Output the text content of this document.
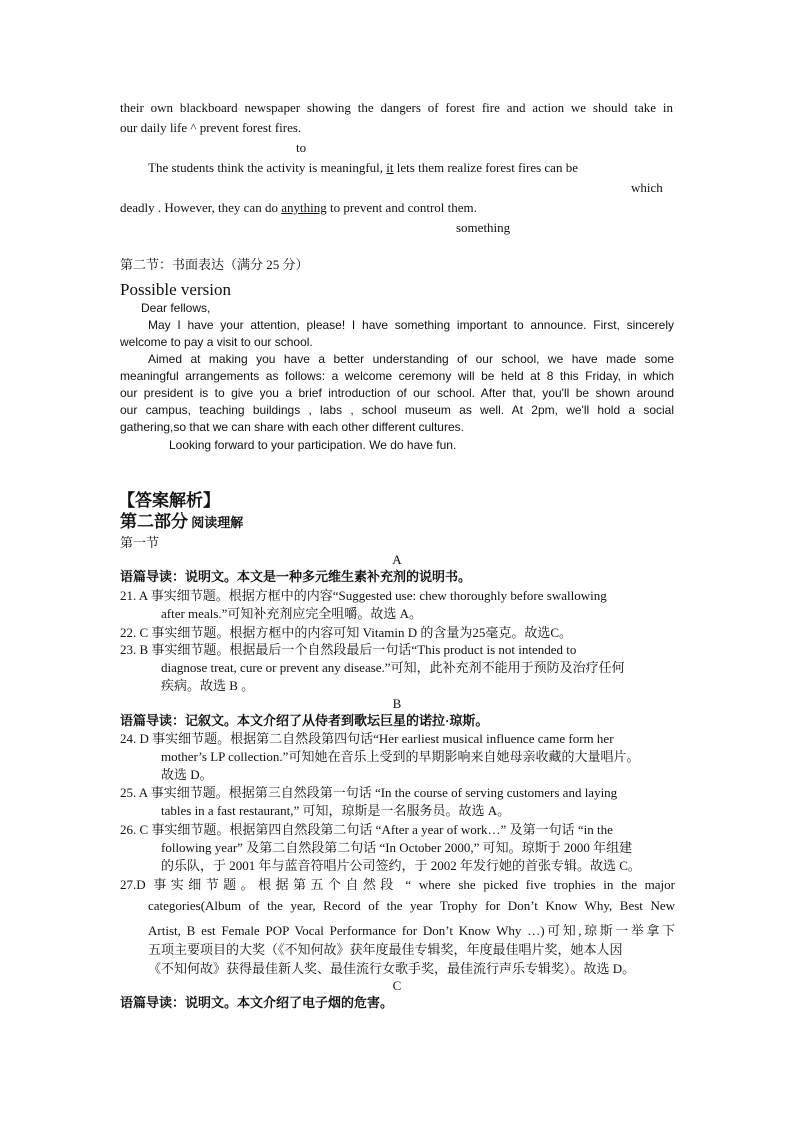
their own blackboard newspaper showing the dangers of forest fire and action we should take in
our daily life ^ prevent forest fires.
to
The students think the activity is meaningful, it lets them realize forest fires can be
which
deadly . However, they can do anything to prevent and control them.
something
第二节：书面表达（满分 25 分）
Possible version
Dear fellows,
May I have your attention, please! I have something important to announce. First, sincerely
welcome to pay a visit to our school.
Aimed at making you have a better understanding of our school, we have made some
meaningful arrangements as follows: a welcome ceremony will be held at 8 this Friday, in which
our president is to give you a brief introduction of our school. After that, you'll be shown around
our campus, teaching buildings , labs , school museum as well. At 2pm, we'll hold a social
gathering,so that we can share with each other different cultures.
Looking forward to your participation. We do have fun.
【答案解析】
第二部分 阅读理解
第一节
A
语篇导读：说明文。本文是一种多元维生素补充剂的说明书。
21. A 事实细节题。根据方框中的内容“Suggested use: chew thoroughly before swallowing
after meals.”可知补充剂应完全咀嚼。故选 A。
22. C 事实细节题。根据方框中的内容可知 Vitamin D 的含量为25毫克。故选C。
23. B 事实细节题。根据最后一个自然段最后一句话“This product is not intended to
diagnose treat, cure or prevent any disease.”可知，此补充剂不能用于预防及治疗任何
疾病。故选 B 。
B
语篇导读：记叙文。本文介绍了从侍者到歌坛巨星的诺拉·琼斯。
24. D 事实细节题。根据第二自然段第四句话“Her earliest musical influence came form her
mother’s LP collection.”可知她在音乐上受到的早期影响来自她母亲收藏的大量唱片。
故选 D。
25. A 事实细节题。根据第三自然段第一句话 “In the course of serving customers and laying
tables in a fast restaurant,” 可知，琼斯是一名服务员。故选 A。
26. C 事实细节题。根据第四自然段第二句话 “After a year of work…” 及第一句话 “in the
following year” 及第二自然段第二句话 “In October 2000,” 可知。琼斯于 2000 年组建
的乐队，于 2001 年与蓝音符唱片公司签约，于 2002 年发行她的首张专辑。故选 C。
27.D 事实细节题。根据第五个自然段 “ where she picked five trophies in the major
categories(Album of the year, Record of the year Trophy for Don’t Know Why, Best New
Artist, B est Female POP Vocal Performance for Don’t Know Why …)可知,琼斯一举拿下
五项主要项目的大奖（《不知何故》获年度最佳专辑奖，年度最佳唱片奖，她本人因
《不知何故》获得最佳新人奖、最佳流行女歌手奖，最佳流行声乐专辑奖）。故选 D。
C
语篇导读：说明文。本文介绍了电子烟的危害。
